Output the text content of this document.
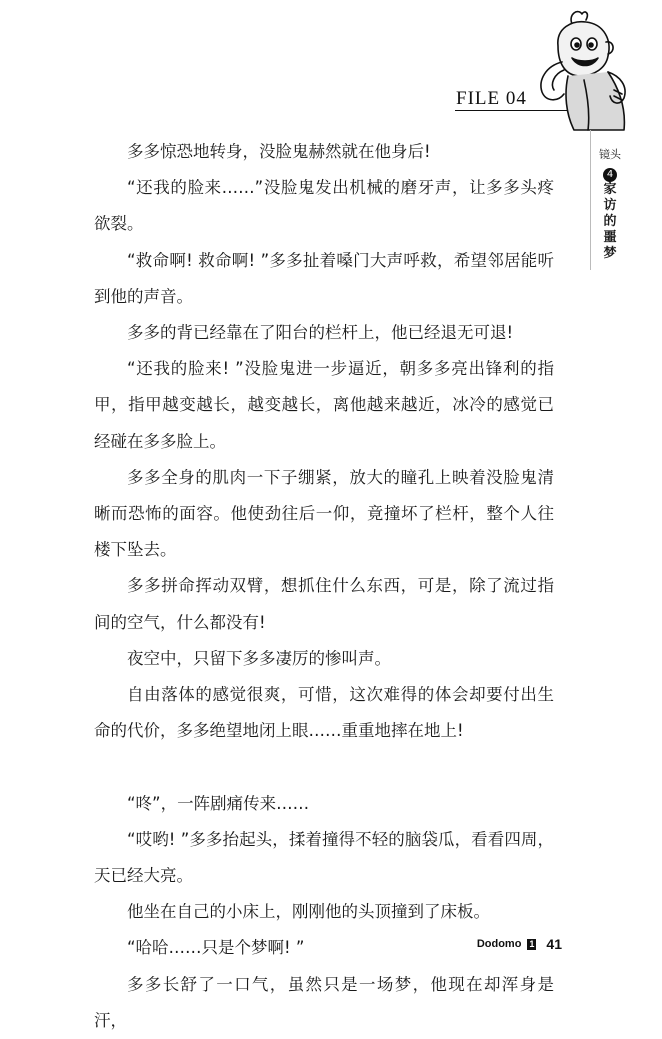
FILE 04
镜头
4
家访的噩梦

多多惊恐地转身，没脸鬼赫然就在他身后!

“还我的脸来……”没脸鬼发出机械的磨牙声，让多多头疼欲裂。

“救命啊! 救命啊! ”多多扯着嗓门大声呼救，希望邻居能听到他的声音。

多多的背已经靠在了阳台的栏杆上，他已经退无可退!

“还我的脸来! ”没脸鬼进一步逼近，朝多多亮出锋利的指甲，指甲越变越长，越变越长，离他越来越近，冰冷的感觉已经碰在多多脸上。

多多全身的肌肉一下子绷紧，放大的瞳孔上映着没脸鬼清晰而恐怖的面容。他使劲往后一仰，竟撞坏了栏杆，整个人往楼下坠去。

多多拼命挥动双臂，想抓住什么东西，可是，除了流过指间的空气，什么都没有!

夜空中，只留下多多凄厉的惨叫声。

自由落体的感觉很爽，可惜，这次难得的体会却要付出生命的代价，多多绝望地闭上眼……重重地摔在地上!

“咚”，一阵剧痛传来……

“哎哟! ”多多抬起头，揉着撞得不轻的脑袋瓜，看看四周，天已经大亮。

他坐在自己的小床上，刚刚他的头顶撞到了床板。

“哈哈……只是个梦啊! ”

多多长舒了一口气，虽然只是一场梦，他现在却浑身是汗，

Dodomo 1 41
